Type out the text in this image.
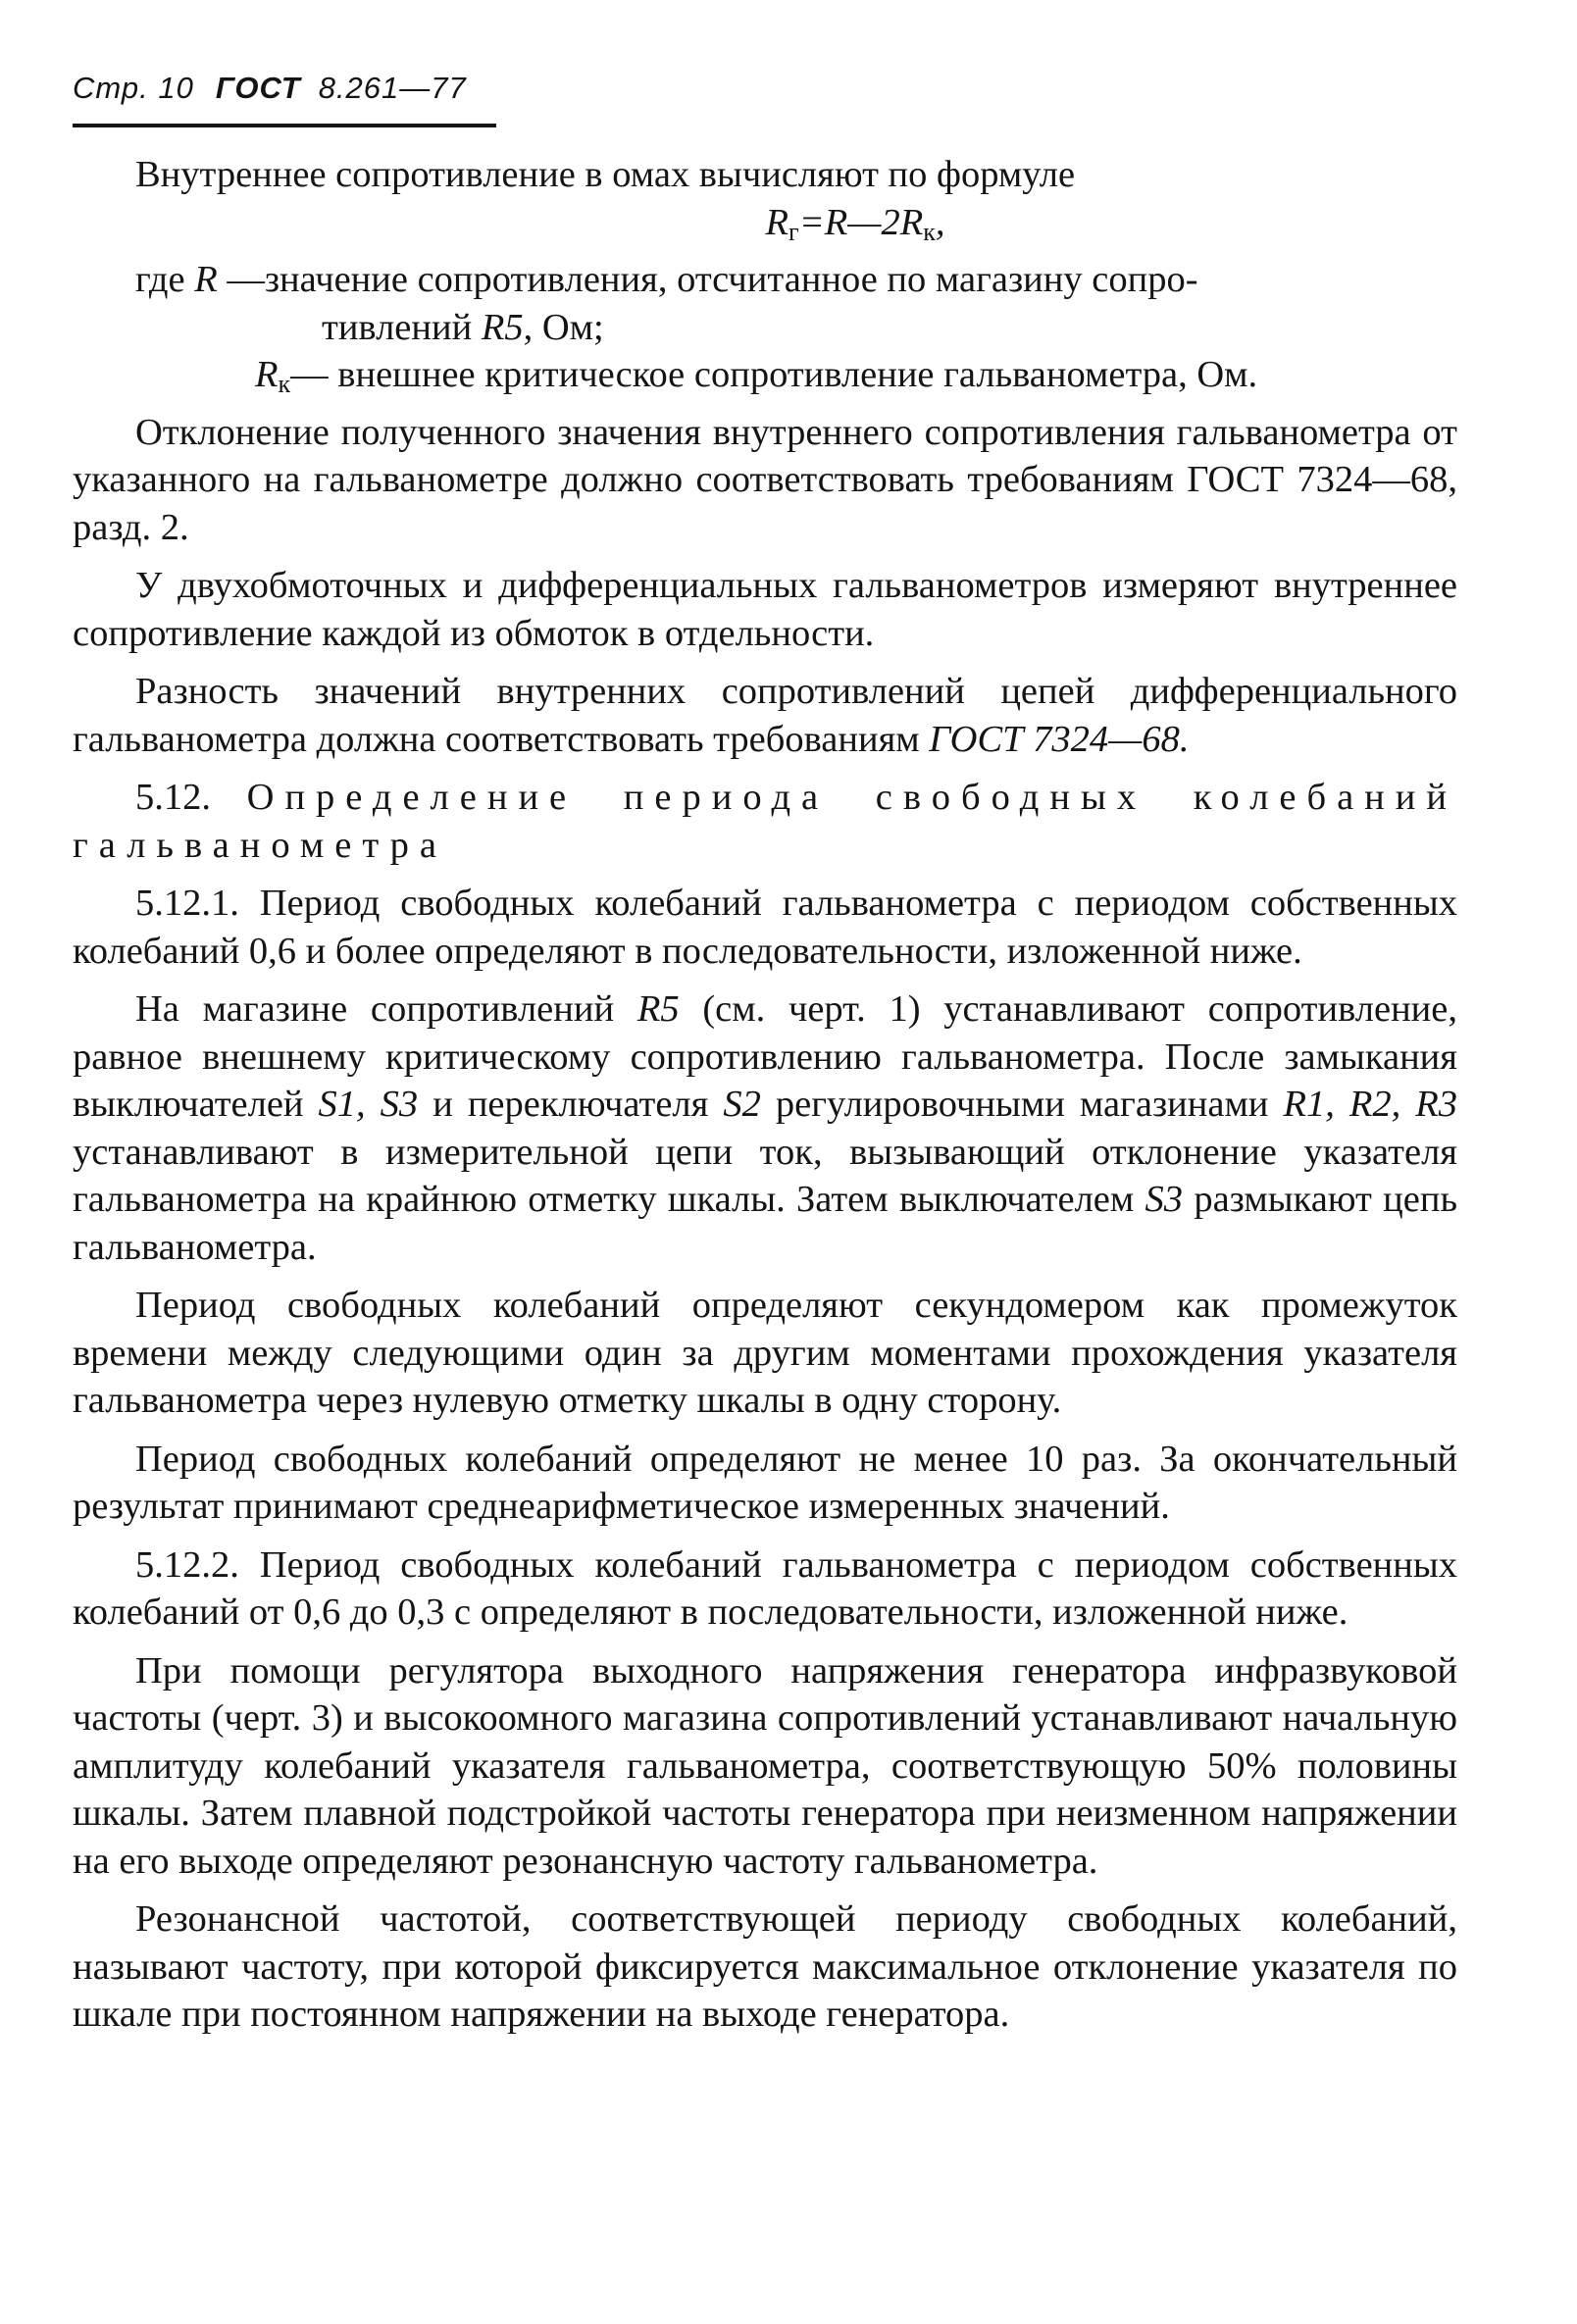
Стр. 10 ГОСТ 8.261—77

Внутреннее сопротивление в омах вычисляют по формуле

$R_г=R—2R_к$,

где R —значение сопротивления, отсчитанное по магазину сопро-
тивлений R5, Ом;

$R_к—$ внешнее критическое сопротивление гальванометра, Ом.

Отклонение полученного значения внутреннего сопротивления гальванометра от указанного на гальванометре должно соответствовать требованиям ГОСТ 7324—68, разд. 2.

У двухобмоточных и дифференциальных гальванометров измеряют внутреннее сопротивление каждой из обмоток в отдельности.

Разность значений внутренних сопротивлений цепей дифференциального гальванометра должна соответствовать требованиям ГОСТ 7324—68.

5.12. Определение периода свободных колебаний гальванометра

5.12.1. Период свободных колебаний гальванометра с периодом собственных колебаний 0,6 и более определяют в последовательности, изложенной ниже.

На магазине сопротивлений R5 (см. черт. 1) устанавливают сопротивление, равное внешнему критическому сопротивлению гальванометра. После замыкания выключателей S1, S3 и переключателя S2 регулировочными магазинами R1, R2, R3 устанавливают в измерительной цепи ток, вызывающий отклонение указателя гальванометра на крайнюю отметку шкалы. Затем выключателем S3 размыкают цепь гальванометра.

Период свободных колебаний определяют секундомером как промежуток времени между следующими один за другим моментами прохождения указателя гальванометра через нулевую отметку шкалы в одну сторону.

Период свободных колебаний определяют не менее 10 раз. За окончательный результат принимают среднеарифметическое измеренных значений.

5.12.2. Период свободных колебаний гальванометра с периодом собственных колебаний от 0,6 до 0,3 с определяют в последовательности, изложенной ниже.

При помощи регулятора выходного напряжения генератора инфразвуковой частоты (черт. 3) и высокоомного магазина сопротивлений устанавливают начальную амплитуду колебаний указателя гальванометра, соответствующую 50% половины шкалы. Затем плавной подстройкой частоты генератора при неизменном напряжении на его выходе определяют резонансную частоту гальванометра.

Резонансной частотой, соответствующей периоду свободных колебаний, называют частоту, при которой фиксируется максимальное отклонение указателя по шкале при постоянном напряжении на выходе генератора.
